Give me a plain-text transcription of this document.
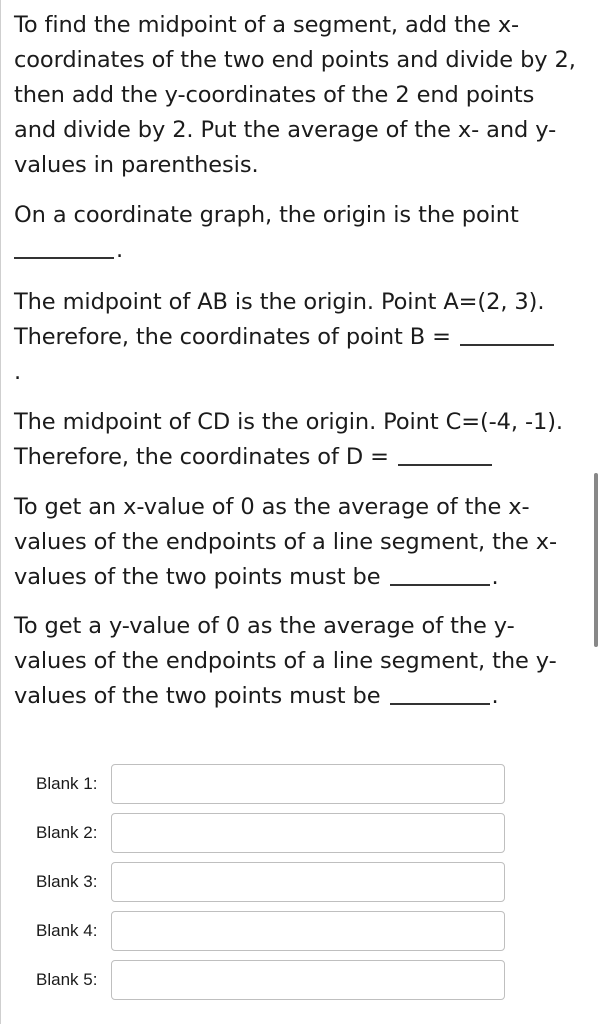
To find the midpoint of a segment, add the x-coordinates of the two end points and divide by 2, then add the y-coordinates of the 2 end points and divide by 2. Put the average of the x- and y- values in parenthesis.

On a coordinate graph, the origin is the point
.

The midpoint of AB is the origin. Point A=(2, 3). Therefore, the coordinates of point B =
.

The midpoint of CD is the origin. Point C=(-4, -1). Therefore, the coordinates of D =

To get an x-value of 0 as the average of the x-values of the endpoints of a line segment, the x-values of the two points must be	.

To get a y-value of 0 as the average of the y-values of the endpoints of a line segment, the y-values of the two points must be	.

Blank 1:
Blank 2:
Blank 3:
Blank 4:
Blank 5:
